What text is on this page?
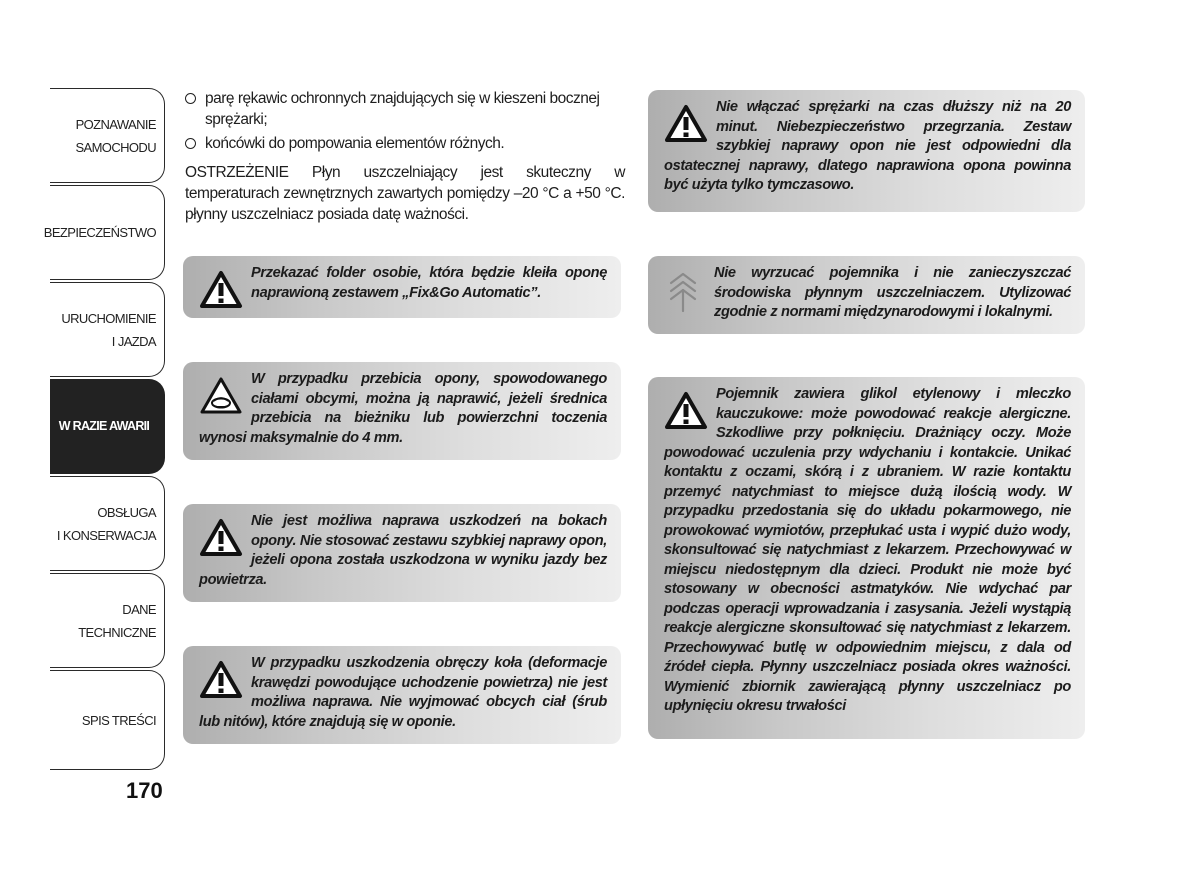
POZNAWANIE
SAMOCHODU
BEZPIECZEŃSTWO
URUCHOMIENIE
I JAZDA
W RAZIE AWARII
OBSŁUGA
I KONSERWACJA
DANE
TECHNICZNE
SPIS TREŚCI
170
parę rękawic ochronnych znajdujących się w kieszeni bocznej sprężarki;
końcówki do pompowania elementów różnych.

OSTRZEŻENIE Płyn uszczelniający jest skuteczny w temperaturach zewnętrznych zawartych pomiędzy –20 °C a +50 °C. płynny uszczelniacz posiada datę ważności.

Przekazać folder osobie, która będzie kleiła oponę naprawioną zestawem „Fix&Go Automatic”.
W przypadku przebicia opony, spowodowanego ciałami obcymi, można ją naprawić, jeżeli średnica przebicia na bieżniku lub powierzchni toczenia wynosi maksymalnie do 4 mm.
Nie jest możliwa naprawa uszkodzeń na bokach opony. Nie stosować zestawu szybkiej naprawy opon, jeżeli opona została uszkodzona w wyniku jazdy bez powietrza.
W przypadku uszkodzenia obręczy koła (deformacje krawędzi powodujące uchodzenie powietrza) nie jest możliwa naprawa. Nie wyjmować obcych ciał (śrub lub nitów), które znajdują się w oponie.
Nie włączać sprężarki na czas dłuższy niż na 20 minut. Niebezpieczeństwo przegrzania. Zestaw szybkiej naprawy opon nie jest odpowiedni dla ostatecznej naprawy, dlatego naprawiona opona powinna być użyta tylko tymczasowo.
Nie wyrzucać pojemnika i nie zanieczyszczać środowiska płynnym uszczelniaczem. Utylizować zgodnie z normami międzynarodowymi i lokalnymi.
Pojemnik zawiera glikol etylenowy i mleczko kauczukowe: może powodować reakcje alergiczne. Szkodliwe przy połknięciu. Drażniący oczy. Może powodować uczulenia przy wdychaniu i kontakcie. Unikać kontaktu z oczami, skórą i z ubraniem. W razie kontaktu przemyć natychmiast to miejsce dużą ilością wody. W przypadku przedostania się do układu pokarmowego, nie prowokować wymiotów, przepłukać usta i wypić dużo wody, skonsultować się natychmiast z lekarzem. Przechowywać w miejscu niedostępnym dla dzieci. Produkt nie może być stosowany w obecności astmatyków. Nie wdychać par podczas operacji wprowadzania i zasysania. Jeżeli wystąpią reakcje alergiczne skonsultować się natychmiast z lekarzem. Przechowywać butlę w odpowiednim miejscu, z dala od źródeł ciepła. Płynny uszczelniacz posiada okres ważności. Wymienić zbiornik zawierającą płynny uszczelniacz po upłynięciu okresu trwałości
